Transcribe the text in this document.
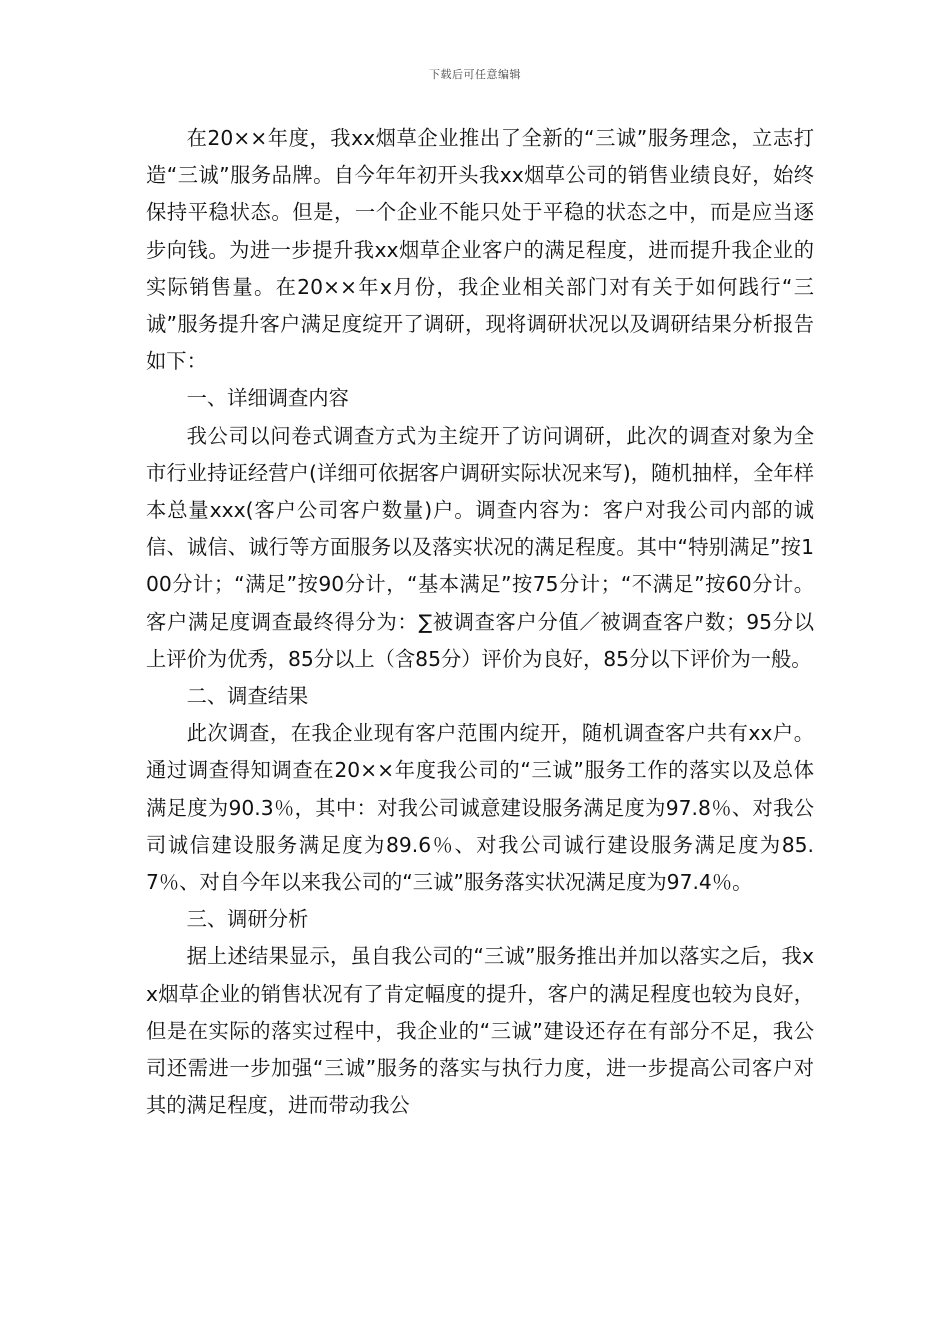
下载后可任意编辑

在20××年度，我xx烟草企业推出了全新的“三诚”服务理念，立志打造“三诚”服务品牌。自今年年初开头我xx烟草公司的销售业绩良好，始终保持平稳状态。但是，一个企业不能只处于平稳的状态之中，而是应当逐步向钱。为进一步提升我xx烟草企业客户的满足程度，进而提升我企业的实际销售量。在20××年x月份，我企业相关部门对有关于如何践行“三诚”服务提升客户满足度绽开了调研，现将调研状况以及调研结果分析报告如下：

一、详细调查内容

我公司以问卷式调查方式为主绽开了访问调研，此次的调查对象为全市行业持证经营户(详细可依据客户调研实际状况来写)，随机抽样，全年样本总量xxx(客户公司客户数量)户。调查内容为：客户对我公司内部的诚信、诚信、诚行等方面服务以及落实状况的满足程度。其中“特别满足”按100分计；“满足”按90分计，“基本满足”按75分计；“不满足”按60分计。客户满足度调查最终得分为：∑被调查客户分值／被调查客户数；95分以上评价为优秀，85分以上（含85分）评价为良好，85分以下评价为一般。

二、调查结果

此次调查，在我企业现有客户范围内绽开，随机调查客户共有xx户。通过调查得知调查在20××年度我公司的“三诚”服务工作的落实以及总体满足度为90.3％，其中：对我公司诚意建设服务满足度为97.8％、对我公司诚信建设服务满足度为89.6％、对我公司诚行建设服务满足度为85.7％、对自今年以来我公司的“三诚”服务落实状况满足度为97.4％。

三、调研分析

据上述结果显示，虽自我公司的“三诚”服务推出并加以落实之后，我xx烟草企业的销售状况有了肯定幅度的提升，客户的满足程度也较为良好，但是在实际的落实过程中，我企业的“三诚”建设还存在有部分不足，我公司还需进一步加强“三诚”服务的落实与执行力度，进一步提高公司客户对其的满足程度，进而带动我公
